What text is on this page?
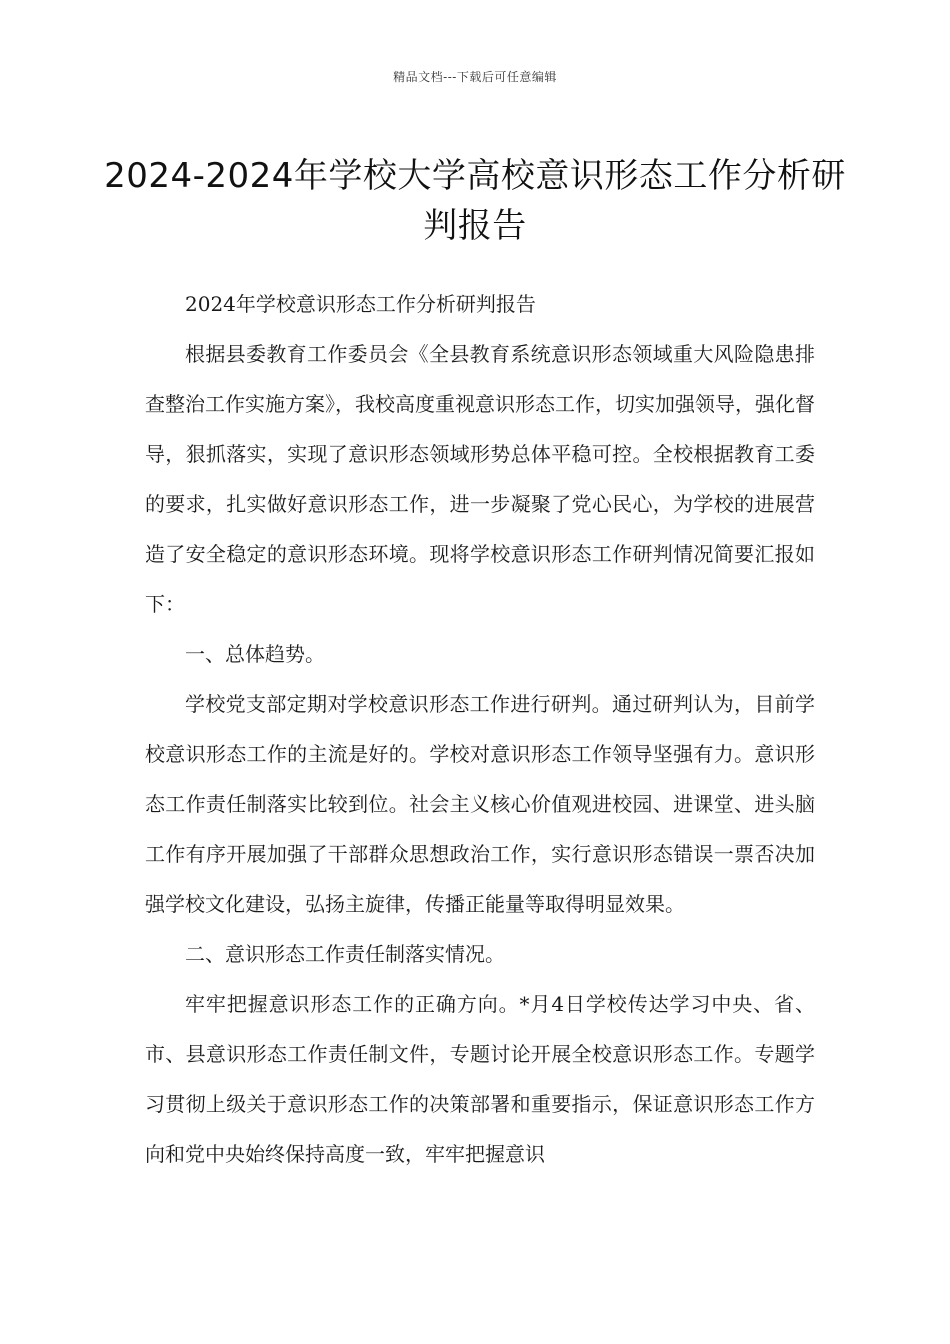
精品文档---下载后可任意编辑
2024-2024年学校大学高校意识形态工作分析研判报告

2024年学校意识形态工作分析研判报告

根据县委教育工作委员会《全县教育系统意识形态领域重大风险隐患排查整治工作实施方案》，我校高度重视意识形态工作，切实加强领导，强化督导，狠抓落实，实现了意识形态领域形势总体平稳可控。全校根据教育工委的要求，扎实做好意识形态工作，进一步凝聚了党心民心，为学校的进展营造了安全稳定的意识形态环境。现将学校意识形态工作研判情况简要汇报如下：

一、总体趋势。

学校党支部定期对学校意识形态工作进行研判。通过研判认为，目前学校意识形态工作的主流是好的。学校对意识形态工作领导坚强有力。意识形态工作责任制落实比较到位。社会主义核心价值观进校园、进课堂、进头脑工作有序开展加强了干部群众思想政治工作，实行意识形态错误一票否决加强学校文化建设，弘扬主旋律，传播正能量等取得明显效果。

二、意识形态工作责任制落实情况。

牢牢把握意识形态工作的正确方向。*月4日学校传达学习中央、省、市、县意识形态工作责任制文件，专题讨论开展全校意识形态工作。专题学习贯彻上级关于意识形态工作的决策部署和重要指示，保证意识形态工作方向和党中央始终保持高度一致，牢牢把握意识
